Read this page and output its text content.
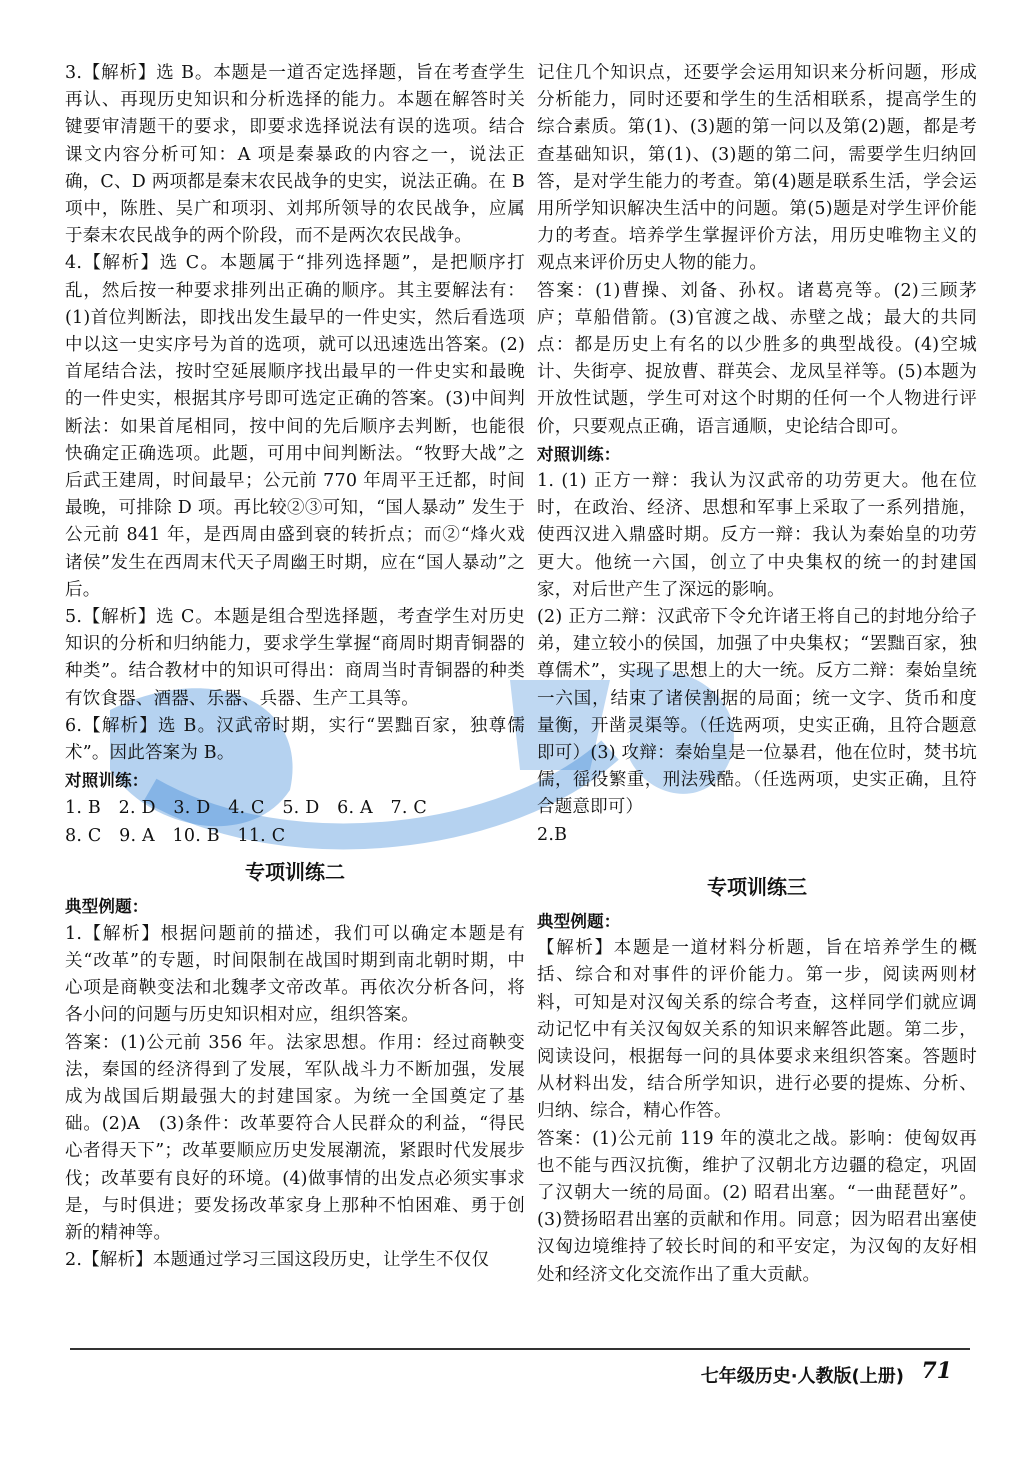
3.【解析】选 B。本题是一道否定选择题，旨在考查学生再认、再现历史知识和分析选择的能力。本题在解答时关键要审清题干的要求，即要求选择说法有误的选项。结合课文内容分析可知：A 项是秦暴政的内容之一，说法正确，C、D 两项都是秦末农民战争的史实，说法正确。在 B 项中，陈胜、吴广和项羽、刘邦所领导的农民战争，应属于秦末农民战争的两个阶段，而不是两次农民战争。

4.【解析】选 C。本题属于“排列选择题”，是把顺序打乱，然后按一种要求排列出正确的顺序。其主要解法有：(1)首位判断法，即找出发生最早的一件史实，然后看选项中以这一史实序号为首的选项，就可以迅速选出答案。(2)首尾结合法，按时空延展顺序找出最早的一件史实和最晚的一件史实，根据其序号即可选定正确的答案。(3)中间判断法：如果首尾相同，按中间的先后顺序去判断，也能很快确定正确选项。此题，可用中间判断法。“牧野大战”之后武王建周，时间最早；公元前 770 年周平王迁都，时间最晚，可排除 D 项。再比较②③可知，“国人暴动” 发生于公元前 841 年，是西周由盛到衰的转折点；而②“烽火戏诸侯”发生在西周末代天子周幽王时期，应在“国人暴动”之后。

5.【解析】选 C。本题是组合型选择题，考查学生对历史知识的分析和归纳能力，要求学生掌握“商周时期青铜器的种类”。结合教材中的知识可得出：商周当时青铜器的种类有饮食器、酒器、乐器、兵器、生产工具等。

6.【解析】选 B。汉武帝时期，实行“罢黜百家，独尊儒术”。因此答案为 B。

对照训练：

1. B　2. D　3. D　4. C　5. D　6. A　7. C

8. C　9. A　10. B　11. C

专项训练二

典型例题：

1.【解析】根据问题前的描述，我们可以确定本题是有关“改革”的专题，时间限制在战国时期到南北朝时期，中心项是商鞅变法和北魏孝文帝改革。再依次分析各问，将各小问的问题与历史知识相对应，组织答案。

答案：(1)公元前 356 年。法家思想。作用：经过商鞅变法，秦国的经济得到了发展，军队战斗力不断加强，发展成为战国后期最强大的封建国家。为统一全国奠定了基础。(2)A　(3)条件：改革要符合人民群众的利益，“得民心者得天下”；改革要顺应历史发展潮流，紧跟时代发展步伐；改革要有良好的环境。(4)做事情的出发点必须实事求是，与时俱进；要发扬改革家身上那种不怕困难、勇于创新的精神等。

2.【解析】本题通过学习三国这段历史，让学生不仅仅

记住几个知识点，还要学会运用知识来分析问题，形成分析能力，同时还要和学生的生活相联系，提高学生的综合素质。第(1)、(3)题的第一问以及第(2)题，都是考查基础知识，第(1)、(3)题的第二问，需要学生归纳回答，是对学生能力的考查。第(4)题是联系生活，学会运用所学知识解决生活中的问题。第(5)题是对学生评价能力的考查。培养学生掌握评价方法，用历史唯物主义的观点来评价历史人物的能力。

答案：(1)曹操、刘备、孙权。诸葛亮等。(2)三顾茅庐；草船借箭。(3)官渡之战、赤壁之战；最大的共同点：都是历史上有名的以少胜多的典型战役。(4)空城计、失街亭、捉放曹、群英会、龙凤呈祥等。(5)本题为开放性试题，学生可对这个时期的任何一个人物进行评价，只要观点正确，语言通顺，史论结合即可。

对照训练：

1. (1) 正方一辩：我认为汉武帝的功劳更大。他在位时，在政治、经济、思想和军事上采取了一系列措施，使西汉进入鼎盛时期。反方一辩：我认为秦始皇的功劳更大。他统一六国，创立了中央集权的统一的封建国家，对后世产生了深远的影响。

(2) 正方二辩：汉武帝下令允许诸王将自己的封地分给子弟，建立较小的侯国，加强了中央集权；“罢黜百家，独尊儒术”，实现了思想上的大一统。反方二辩：秦始皇统一六国，结束了诸侯割据的局面；统一文字、货币和度量衡，开凿灵渠等。（任选两项，史实正确，且符合题意即可）(3) 攻辩：秦始皇是一位暴君，他在位时，焚书坑儒，徭役繁重，刑法残酷。（任选两项，史实正确，且符合题意即可）

2.B

专项训练三

典型例题：

【解析】本题是一道材料分析题，旨在培养学生的概括、综合和对事件的评价能力。第一步，阅读两则材料，可知是对汉匈关系的综合考查，这样同学们就应调动记忆中有关汉匈奴关系的知识来解答此题。第二步，阅读设问，根据每一问的具体要求来组织答案。答题时从材料出发，结合所学知识，进行必要的提炼、分析、归纳、综合，精心作答。

答案：(1)公元前 119 年的漠北之战。影响：使匈奴再也不能与西汉抗衡，维护了汉朝北方边疆的稳定，巩固了汉朝大一统的局面。(2) 昭君出塞。“一曲琵琶好”。(3)赞扬昭君出塞的贡献和作用。同意；因为昭君出塞使汉匈边境维持了较长时间的和平安定，为汉匈的友好相处和经济文化交流作出了重大贡献。

七年级历史·人教版(上册) 71
